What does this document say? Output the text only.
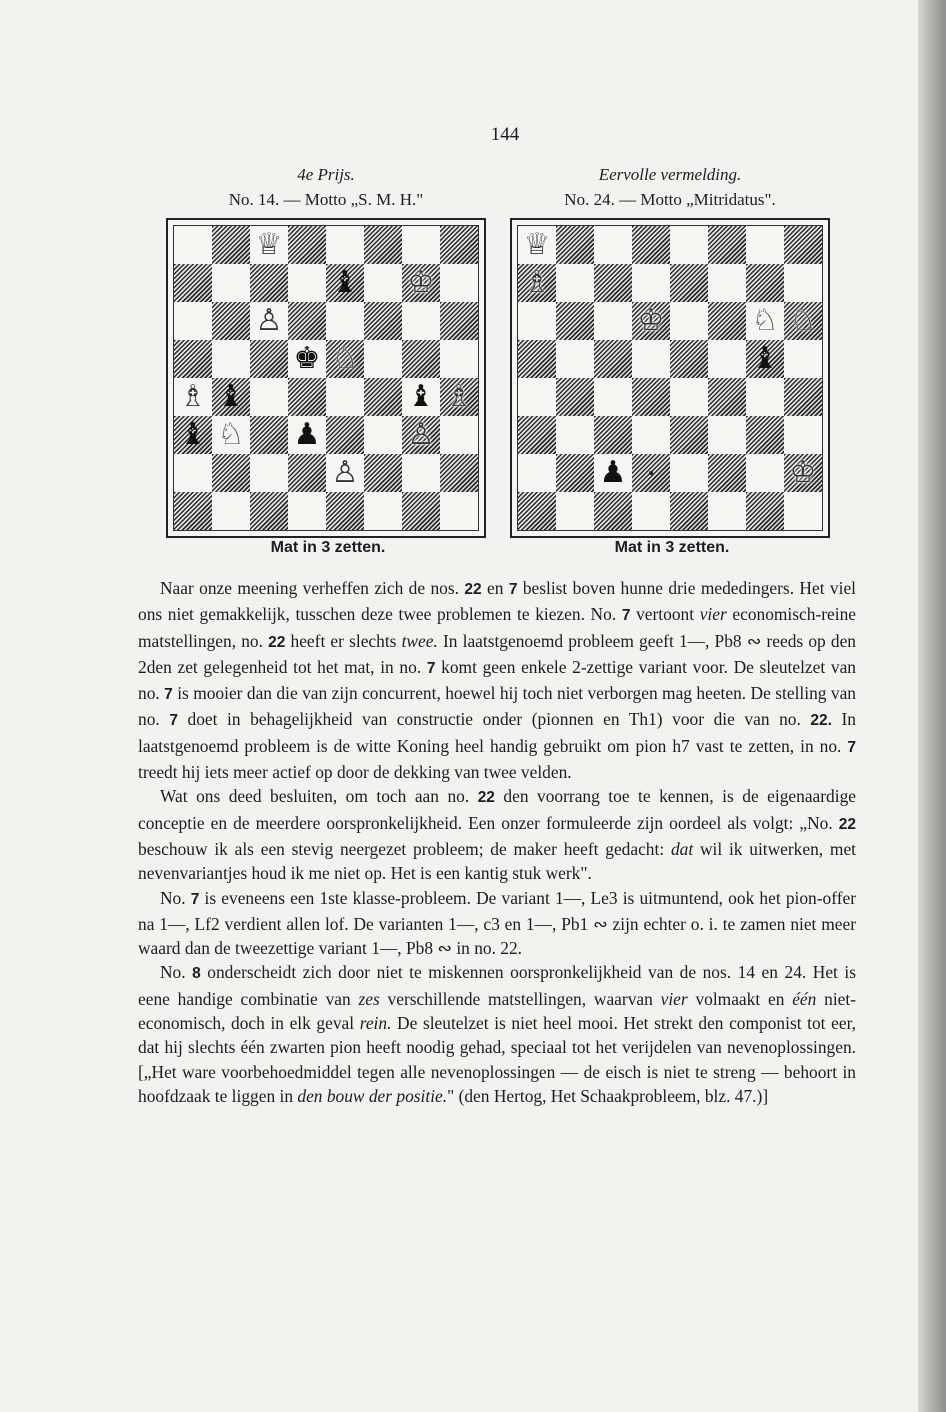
144
4e Prijs.
No. 14. — Motto „S. M. H."
Eervolle vermelding.
No. 24. — Motto „Mitridatus".
♕
♝ ♔
♙
♚ ♘
♗ ♝	♝ ♗
♝ ♘ ♟	♙
♙
♕
♗
♔	♘ ♘
♝
♟	♔
Mat in 3 zetten.	Mat in 3 zetten.

Naar onze meening verheffen zich de nos. 22 en 7 beslist boven hunne drie mededingers. Het viel ons niet gemakkelijk, tusschen deze twee problemen te kiezen. No. 7 vertoont vier economisch-reine matstellingen, no. 22 heeft er slechts twee. In laatstgenoemd probleem geeft 1—, Pb8 ∾ reeds op den 2den zet gelegenheid tot het mat, in no. 7 komt geen enkele 2-zettige variant voor. De sleutelzet van no. 7 is mooier dan die van zijn concurrent, hoewel hij toch niet verborgen mag heeten. De stelling van no. 7 doet in behagelijkheid van constructie onder (pionnen en Th1) voor die van no. 22. In laatstgenoemd probleem is de witte Koning heel handig gebruikt om pion h7 vast te zetten, in no. 7 treedt hij iets meer actief op door de dekking van twee velden.

Wat ons deed besluiten, om toch aan no. 22 den voorrang toe te kennen, is de eigenaardige conceptie en de meerdere oorspronkelijkheid. Een onzer formuleerde zijn oordeel als volgt: „No. 22 beschouw ik als een stevig neergezet probleem; de maker heeft gedacht: dat wil ik uitwerken, met nevenvariantjes houd ik me niet op. Het is een kantig stuk werk".

No. 7 is eveneens een 1ste klasse-probleem. De variant 1—, Le3 is uitmuntend, ook het pion-offer na 1—, Lf2 verdient allen lof. De varianten 1—, c3 en 1—, Pb1 ∾ zijn echter o. i. te zamen niet meer waard dan de tweezettige variant 1—, Pb8 ∾ in no. 22.

No. 8 onderscheidt zich door niet te miskennen oorspronkelijkheid van de nos. 14 en 24. Het is eene handige combinatie van zes verschillende matstellingen, waarvan vier volmaakt en één niet-economisch, doch in elk geval rein. De sleutelzet is niet heel mooi. Het strekt den componist tot eer, dat hij slechts één zwarten pion heeft noodig gehad, speciaal tot het verijdelen van nevenoplossingen. [„Het ware voorbehoedmiddel tegen alle nevenoplossingen — de eisch is niet te streng — behoort in hoofdzaak te liggen in den bouw der positie." (den Hertog, Het Schaakprobleem, blz. 47.)]
